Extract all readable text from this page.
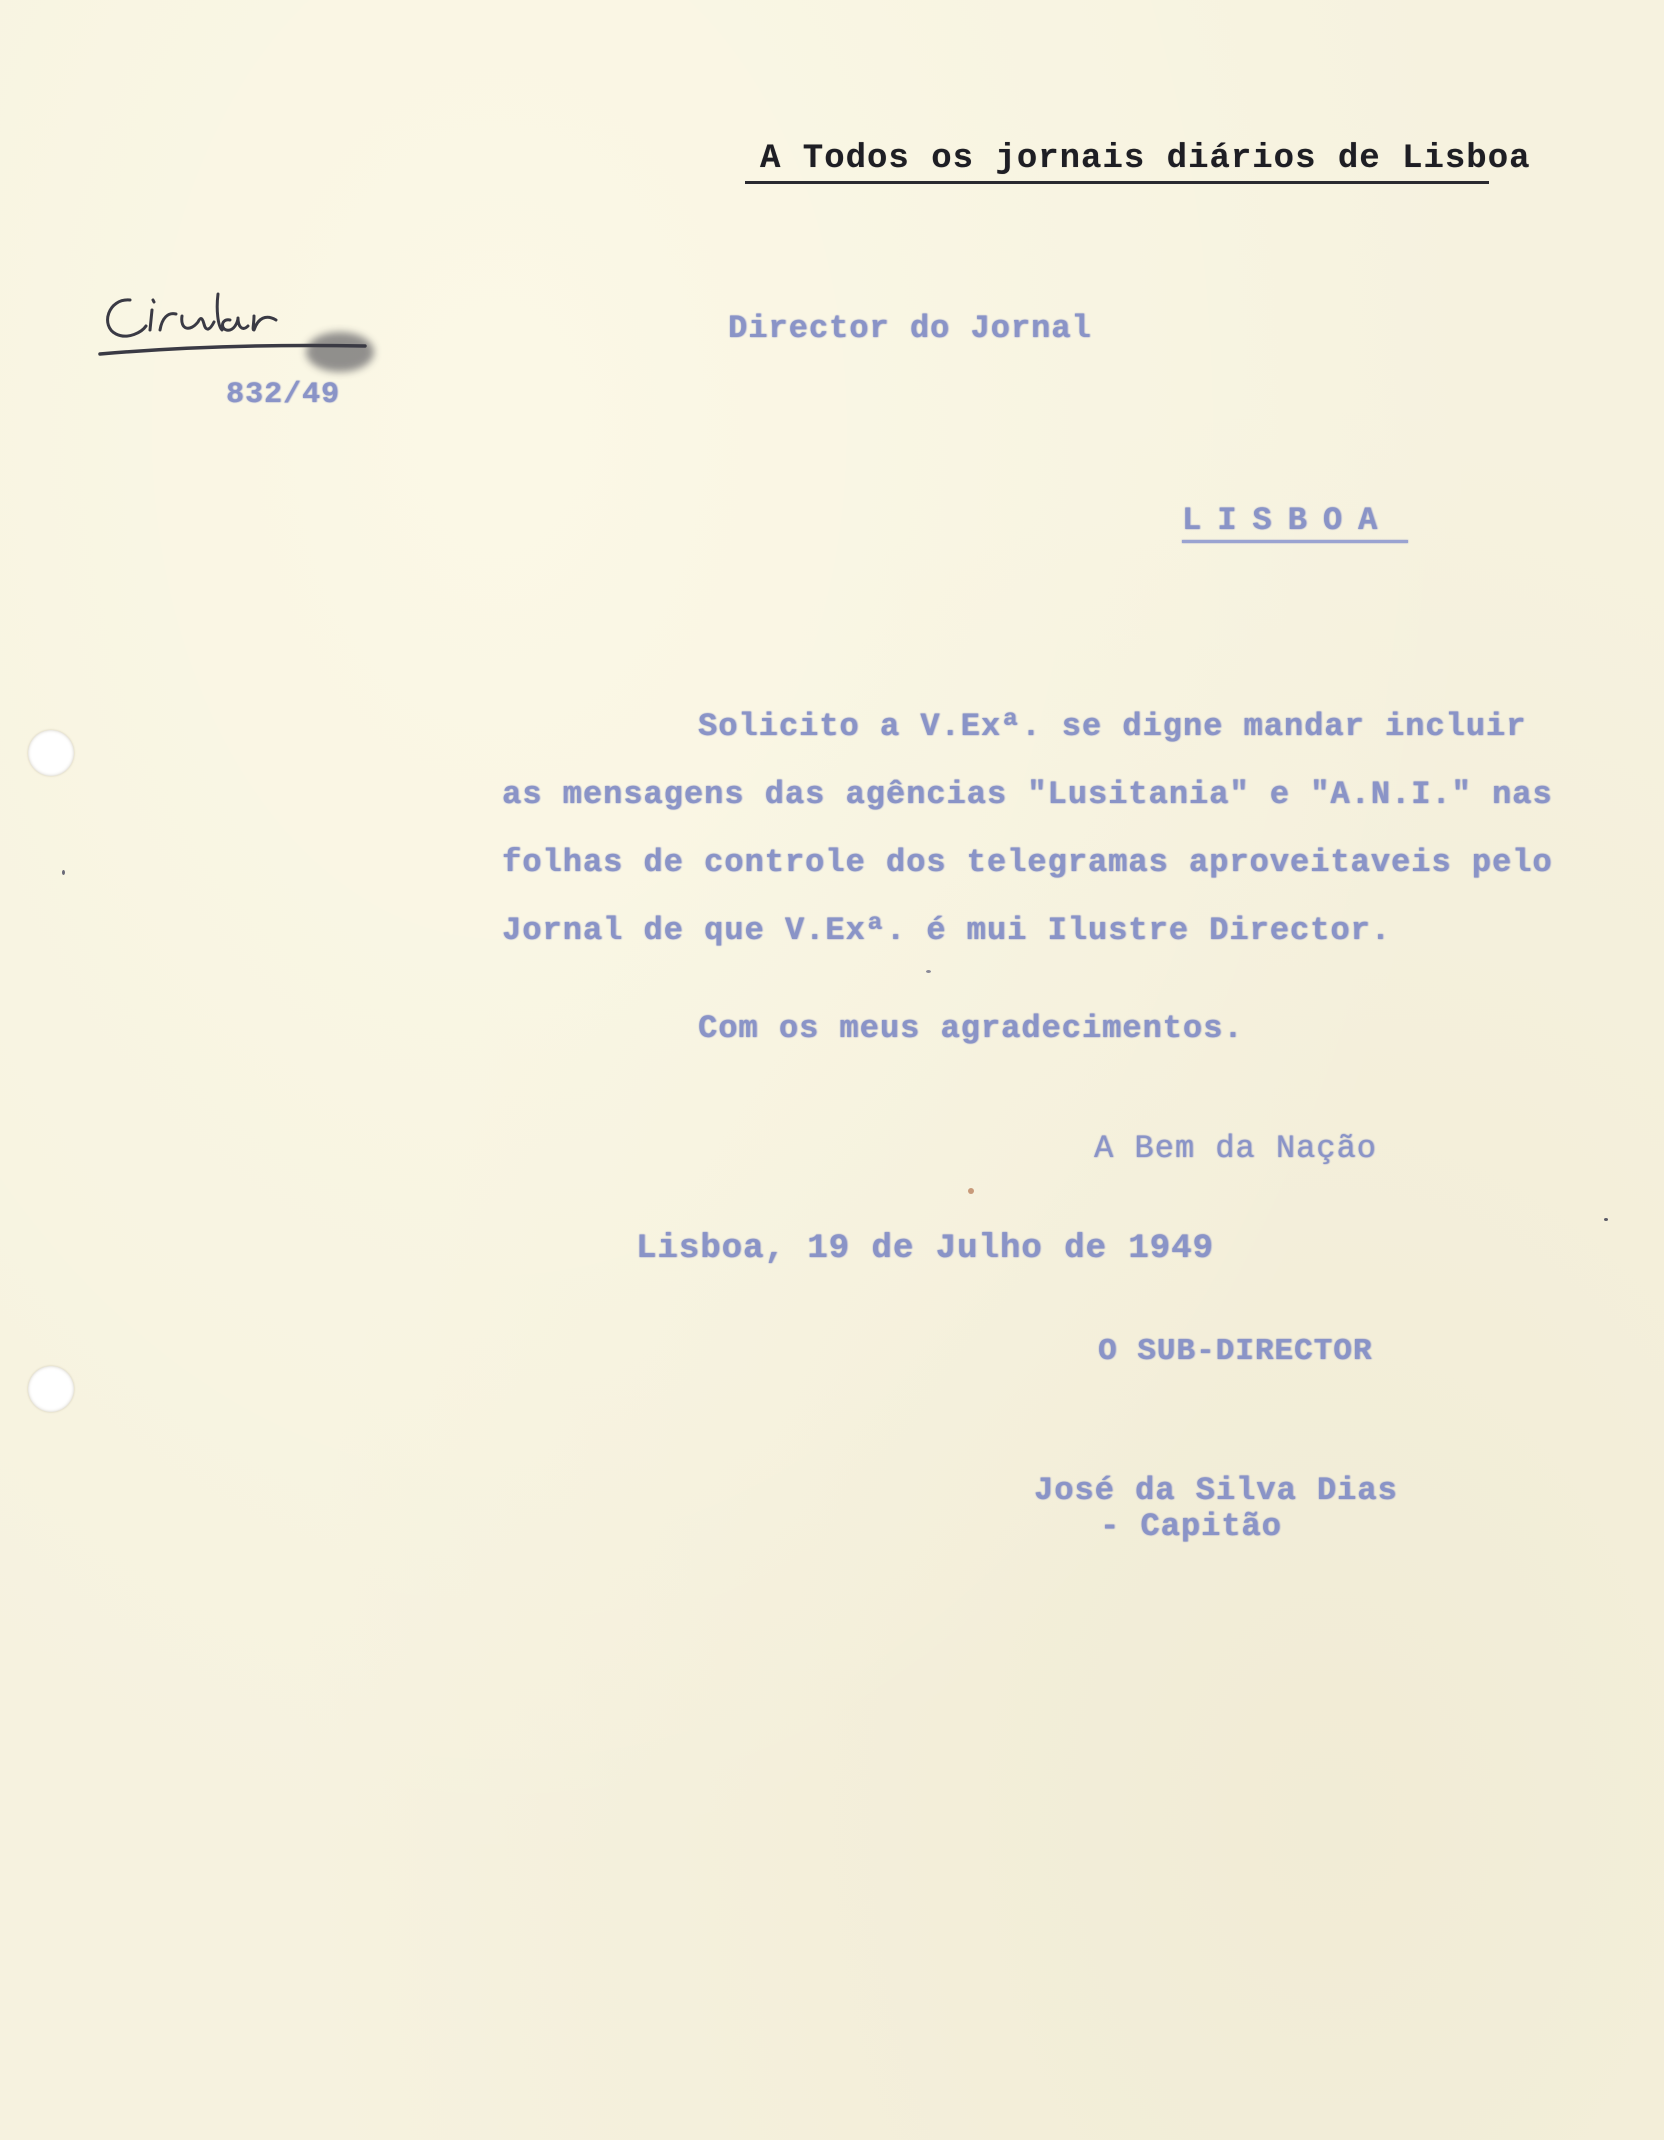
A Todos os jornais diários de Lisboa
832/49
Director do Jornal
LISBOA
Solicito a V.Exª. se digne mandar incluir
as mensagens das agências "Lusitania" e "A.N.I." nas
folhas de controle dos telegramas aproveitaveis pelo
Jornal de que V.Exª. é mui Ilustre Director.
Com os meus agradecimentos.
A Bem da Nação
Lisboa, 19 de Julho de 1949
O SUB-DIRECTOR
José da Silva Dias
- Capitão
